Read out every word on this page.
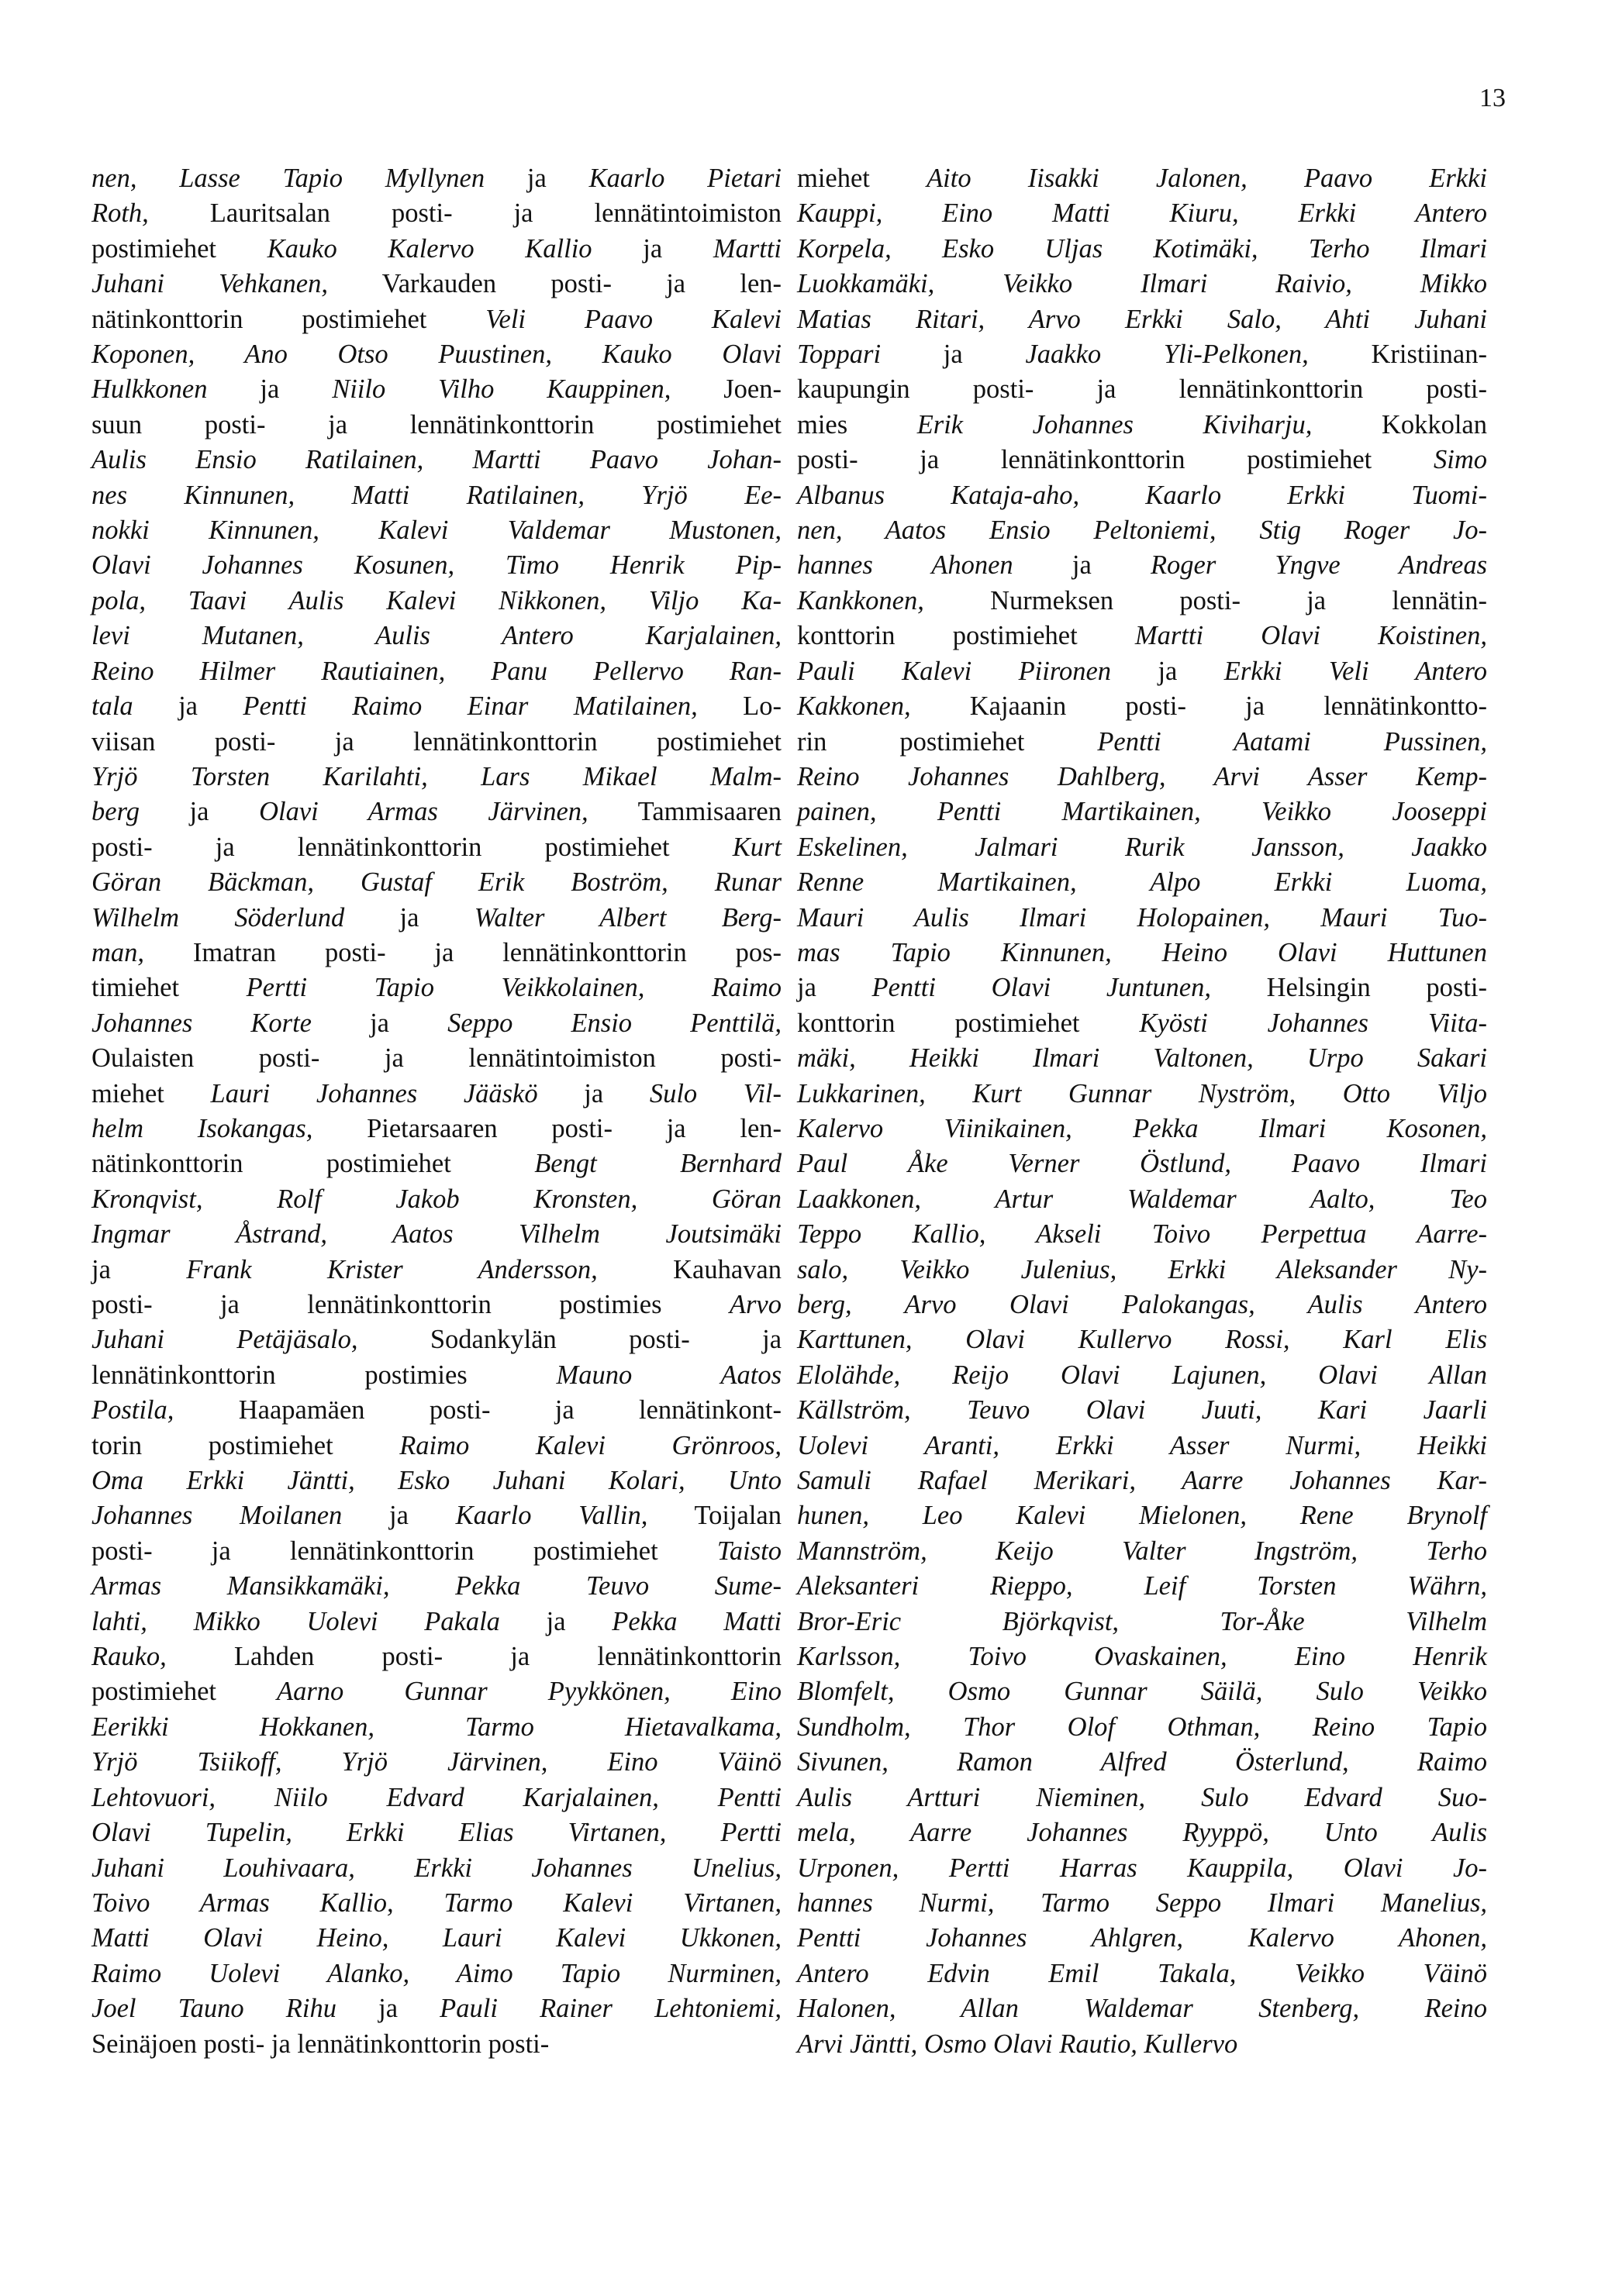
13
nen, Lasse Tapio Myllynen ja Kaarlo Pietari
Roth, Lauritsalan posti- ja lennätintoimiston
postimiehet Kauko Kalervo Kallio ja Martti
Juhani Vehkanen, Varkauden posti- ja len-
nätinkonttorin postimiehet Veli Paavo Kalevi
Koponen, Ano Otso Puustinen, Kauko Olavi
Hulkkonen ja Niilo Vilho Kauppinen, Joen-
suun posti- ja lennätinkonttorin postimiehet
Aulis Ensio Ratilainen, Martti Paavo Johan-
nes Kinnunen, Matti Ratilainen, Yrjö Ee-
nokki Kinnunen, Kalevi Valdemar Mustonen,
Olavi Johannes Kosunen, Timo Henrik Pip-
pola, Taavi Aulis Kalevi Nikkonen, Viljo Ka-
levi Mutanen, Aulis Antero Karjalainen,
Reino Hilmer Rautiainen, Panu Pellervo Ran-
tala ja Pentti Raimo Einar Matilainen, Lo-
viisan posti- ja lennätinkonttorin postimiehet
Yrjö Torsten Karilahti, Lars Mikael Malm-
berg ja Olavi Armas Järvinen, Tammisaaren
posti- ja lennätinkonttorin postimiehet Kurt
Göran Bäckman, Gustaf Erik Boström, Runar
Wilhelm Söderlund ja Walter Albert Berg-
man, Imatran posti- ja lennätinkonttorin pos-
timiehet Pertti Tapio Veikkolainen, Raimo
Johannes Korte ja Seppo Ensio Penttilä,
Oulaisten posti- ja lennätintoimiston posti-
miehet Lauri Johannes Jääskö ja Sulo Vil-
helm Isokangas, Pietarsaaren posti- ja len-
nätinkonttorin postimiehet Bengt Bernhard
Kronqvist, Rolf Jakob Kronsten, Göran
Ingmar Åstrand, Aatos Vilhelm Joutsimäki
ja Frank Krister Andersson, Kauhavan
posti- ja lennätinkonttorin postimies Arvo
Juhani Petäjäsalo, Sodankylän posti- ja
lennätinkonttorin postimies Mauno Aatos
Postila, Haapamäen posti- ja lennätinkont-
torin postimiehet Raimo Kalevi Grönroos,
Oma Erkki Jäntti, Esko Juhani Kolari, Unto
Johannes Moilanen ja Kaarlo Vallin, Toijalan
posti- ja lennätinkonttorin postimiehet Taisto
Armas Mansikkamäki, Pekka Teuvo Sume-
lahti, Mikko Uolevi Pakala ja Pekka Matti
Rauko, Lahden posti- ja lennätinkonttorin
postimiehet Aarno Gunnar Pyykkönen, Eino
Eerikki Hokkanen, Tarmo Hietavalkama,
Yrjö Tsiikoff, Yrjö Järvinen, Eino Väinö
Lehtovuori, Niilo Edvard Karjalainen, Pentti
Olavi Tupelin, Erkki Elias Virtanen, Pertti
Juhani Louhivaara, Erkki Johannes Unelius,
Toivo Armas Kallio, Tarmo Kalevi Virtanen,
Matti Olavi Heino, Lauri Kalevi Ukkonen,
Raimo Uolevi Alanko, Aimo Tapio Nurminen,
Joel Tauno Rihu ja Pauli Rainer Lehtoniemi,
Seinäjoen posti- ja lennätinkonttorin posti-
miehet Aito Iisakki Jalonen, Paavo Erkki
Kauppi, Eino Matti Kiuru, Erkki Antero
Korpela, Esko Uljas Kotimäki, Terho Ilmari
Luokkamäki, Veikko Ilmari Raivio, Mikko
Matias Ritari, Arvo Erkki Salo, Ahti Juhani
Toppari ja Jaakko Yli-Pelkonen, Kristiinan-
kaupungin posti- ja lennätinkonttorin posti-
mies Erik Johannes Kiviharju, Kokkolan
posti- ja lennätinkonttorin postimiehet Simo
Albanus Kataja-aho, Kaarlo Erkki Tuomi-
nen, Aatos Ensio Peltoniemi, Stig Roger Jo-
hannes Ahonen ja Roger Yngve Andreas
Kankkonen, Nurmeksen posti- ja lennätin-
konttorin postimiehet Martti Olavi Koistinen,
Pauli Kalevi Piironen ja Erkki Veli Antero
Kakkonen, Kajaanin posti- ja lennätinkontto-
rin postimiehet Pentti Aatami Pussinen,
Reino Johannes Dahlberg, Arvi Asser Kemp-
painen, Pentti Martikainen, Veikko Jooseppi
Eskelinen, Jalmari Rurik Jansson, Jaakko
Renne Martikainen, Alpo Erkki Luoma,
Mauri Aulis Ilmari Holopainen, Mauri Tuo-
mas Tapio Kinnunen, Heino Olavi Huttunen
ja Pentti Olavi Juntunen, Helsingin posti-
konttorin postimiehet Kyösti Johannes Viita-
mäki, Heikki Ilmari Valtonen, Urpo Sakari
Lukkarinen, Kurt Gunnar Nyström, Otto Viljo
Kalervo Viinikainen, Pekka Ilmari Kosonen,
Paul Åke Verner Östlund, Paavo Ilmari
Laakkonen, Artur Waldemar Aalto, Teo
Teppo Kallio, Akseli Toivo Perpettua Aarre-
salo, Veikko Julenius, Erkki Aleksander Ny-
berg, Arvo Olavi Palokangas, Aulis Antero
Karttunen, Olavi Kullervo Rossi, Karl Elis
Elolähde, Reijo Olavi Lajunen, Olavi Allan
Källström, Teuvo Olavi Juuti, Kari Jaarli
Uolevi Aranti, Erkki Asser Nurmi, Heikki
Samuli Rafael Merikari, Aarre Johannes Kar-
hunen, Leo Kalevi Mielonen, Rene Brynolf
Mannström, Keijo Valter Ingström, Terho
Aleksanteri Rieppo, Leif Torsten Währn,
Bror-Eric Björkqvist, Tor-Åke Vilhelm
Karlsson, Toivo Ovaskainen, Eino Henrik
Blomfelt, Osmo Gunnar Säilä, Sulo Veikko
Sundholm, Thor Olof Othman, Reino Tapio
Sivunen, Ramon Alfred Österlund, Raimo
Aulis Artturi Nieminen, Sulo Edvard Suo-
mela, Aarre Johannes Ryyppö, Unto Aulis
Urponen, Pertti Harras Kauppila, Olavi Jo-
hannes Nurmi, Tarmo Seppo Ilmari Manelius,
Pentti Johannes Ahlgren, Kalervo Ahonen,
Antero Edvin Emil Takala, Veikko Väinö
Halonen, Allan Waldemar Stenberg, Reino
Arvi Jäntti, Osmo Olavi Rautio, Kullervo
